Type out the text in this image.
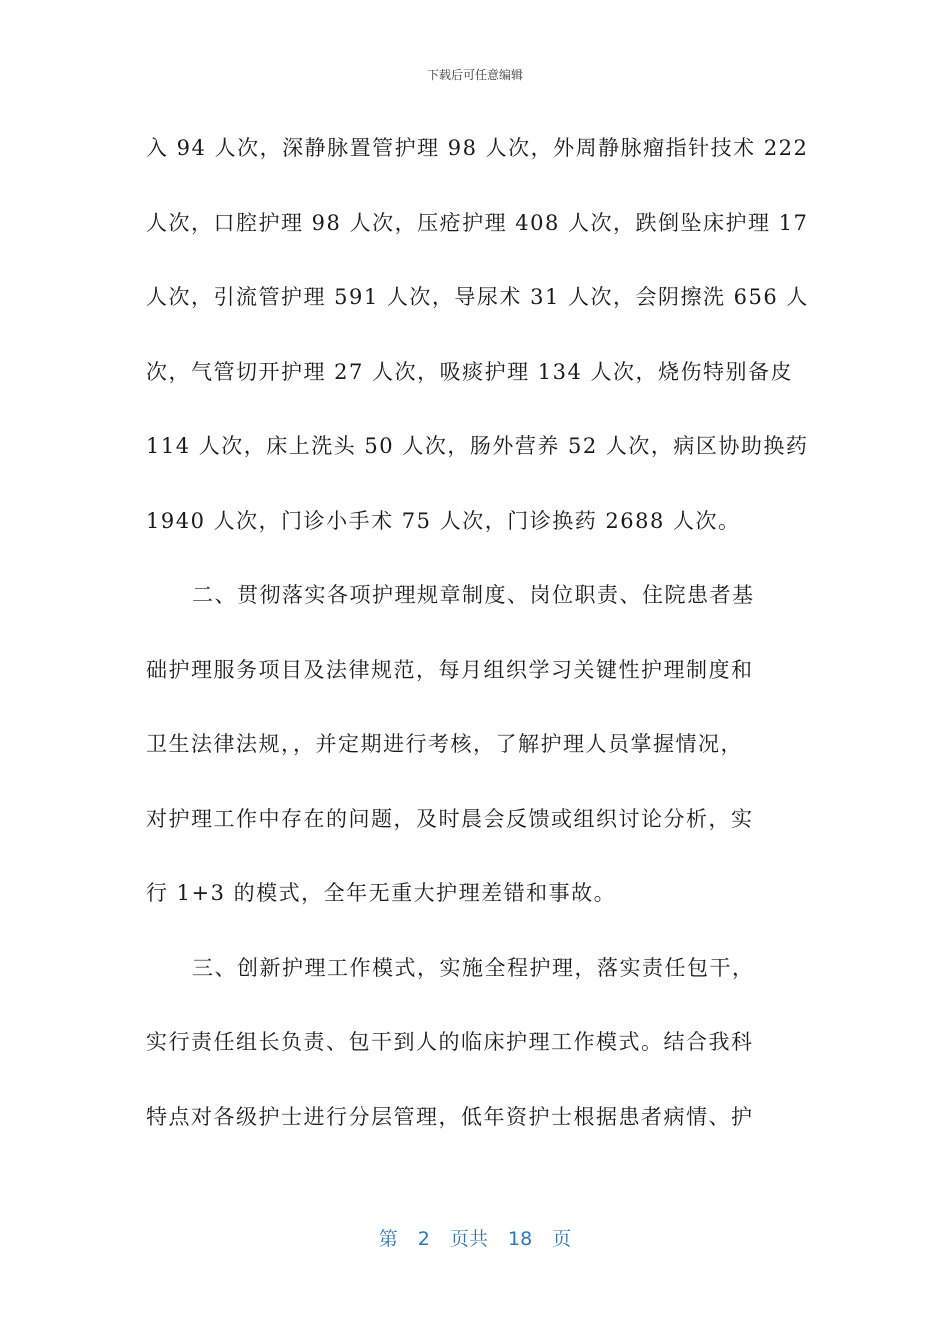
下载后可任意编辑
入 94 人次，深静脉置管护理 98 人次，外周静脉瘤指针技术 222
人次，口腔护理 98 人次，压疮护理 408 人次，跌倒坠床护理 17
人次，引流管护理 591 人次，导尿术 31 人次，会阴擦洗 656 人
次，气管切开护理 27 人次，吸痰护理 134 人次，烧伤特别备皮
114 人次，床上洗头 50 人次，肠外营养 52 人次，病区协助换药
1940 人次，门诊小手术 75 人次，门诊换药 2688 人次。
二、贯彻落实各项护理规章制度、岗位职责、住院患者基
础护理服务项目及法律规范，每月组织学习关键性护理制度和
卫生法律法规，，并定期进行考核，了解护理人员掌握情况，
对护理工作中存在的问题，及时晨会反馈或组织讨论分析，实
行 1+3 的模式，全年无重大护理差错和事故。
三、创新护理工作模式，实施全程护理，落实责任包干，
实行责任组长负责、包干到人的临床护理工作模式。结合我科
特点对各级护士进行分层管理，低年资护士根据患者病情、护
第 2 页共 18 页
